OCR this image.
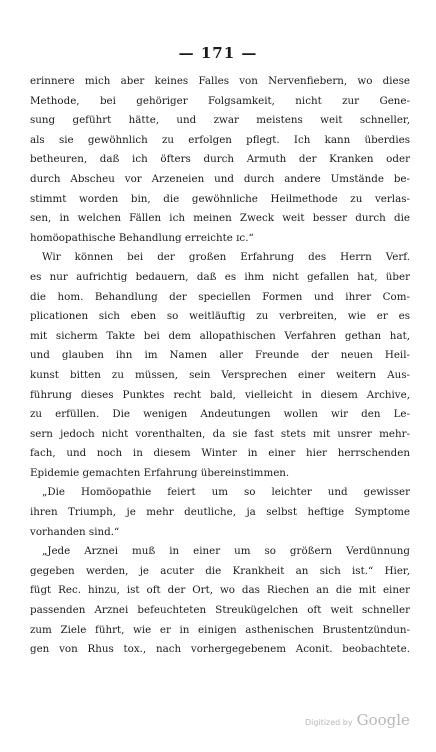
— 171 —
erinnere mich aber keines Falles von Nervenfiebern, wo diese
Methode, bei gehöriger Folgsamkeit, nicht zur Gene-
sung geführt hätte, und zwar meistens weit schneller,
als sie gewöhnlich zu erfolgen pflegt. Ich kann überdies
betheuren, daß ich öfters durch Armuth der Kranken oder
durch Abscheu vor Arzeneien und durch andere Umstände be-
stimmt worden bin, die gewöhnliche Heilmethode zu verlas-
sen, in welchen Fällen ich meinen Zweck weit besser durch die
homöopathische Behandlung erreichte ɪc.“
Wir können bei der großen Erfahrung des Herrn Verf.
es nur aufrichtig bedauern, daß es ihm nicht gefallen hat, über
die hom. Behandlung der speciellen Formen und ihrer Com-
plicationen sich eben so weitläuftig zu verbreiten, wie er es
mit sicherm Takte bei dem allopathischen Verfahren gethan hat,
und glauben ihn im Namen aller Freunde der neuen Heil-
kunst bitten zu müssen, sein Versprechen einer weitern Aus-
führung dieses Punktes recht bald, vielleicht in diesem Archive,
zu erfüllen. Die wenigen Andeutungen wollen wir den Le-
sern jedoch nicht vorenthalten, da sie fast stets mit unsrer mehr-
fach, und noch in diesem Winter in einer hier herrschenden
Epidemie gemachten Erfahrung übereinstimmen.
„Die Homöopathie feiert um so leichter und gewisser
ihren Triumph, je mehr deutliche, ja selbst heftige Symptome
vorhanden sind.“
„Jede Arznei muß in einer um so größern Verdünnung
gegeben werden, je acuter die Krankheit an sich ist.“ Hier,
fügt Rec. hinzu, ist oft der Ort, wo das Riechen an die mit einer
passenden Arznei befeuchteten Streukügelchen oft weit schneller
zum Ziele führt, wie er in einigen asthenischen Brustentzündun-
gen von Rhus tox., nach vorhergegebenem Aconit. beobachtete.
Digitized by Google
